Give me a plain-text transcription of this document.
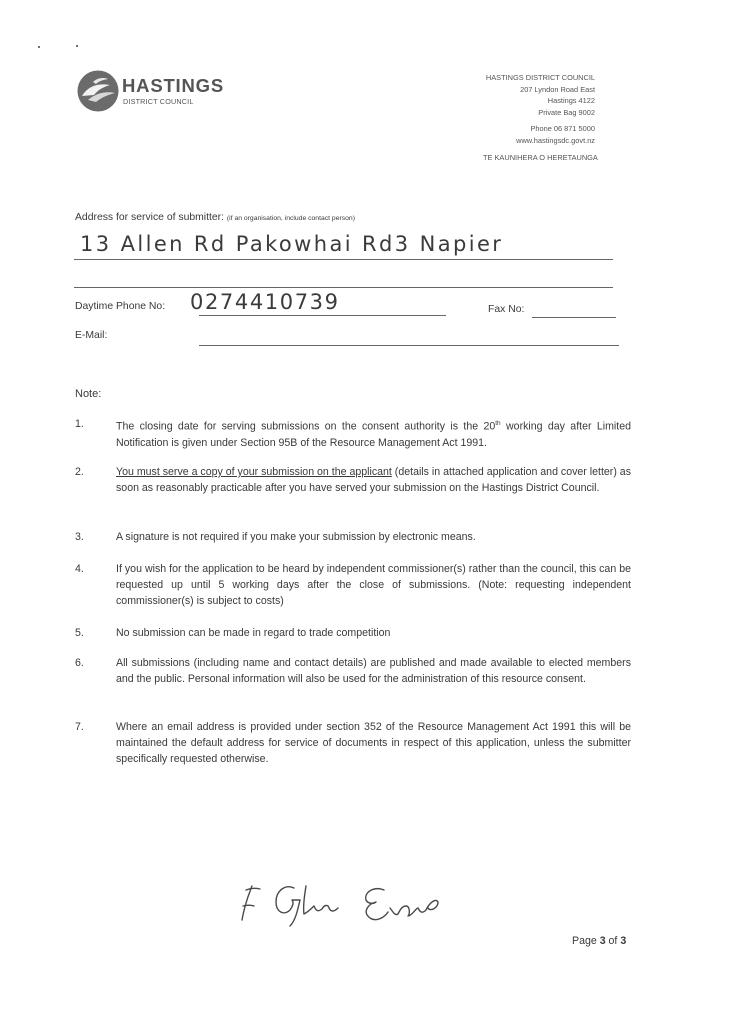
HASTINGS
DISTRICT COUNCIL
HASTINGS DISTRICT COUNCIL
207 Lyndon Road East
Hastings 4122
Private Bag 9002
Phone 06 871 5000
www.hastingsdc.govt.nz
TE KAUNIHERA O HERETAUNGA
Address for service of submitter: (if an organisation, include contact person)
13 Allen Rd Pakowhai Rd3 Napier
Daytime Phone No: 0274410739	Fax No:
E-Mail:
Note:
1.	The closing date for serving submissions on the consent authority is the 20th working day after Limited Notification is given under Section 95B of the Resource Management Act 1991.
2.	You must serve a copy of your submission on the applicant (details in attached application and cover letter) as soon as reasonably practicable after you have served your submission on the Hastings District Council.
3.	A signature is not required if you make your submission by electronic means.
4.	If you wish for the application to be heard by independent commissioner(s) rather than the council, this can be requested up until 5 working days after the close of submissions. (Note: requesting independent commissioner(s) is subject to costs)
5.	No submission can be made in regard to trade competition
6.	All submissions (including name and contact details) are published and made available to elected members and the public. Personal information will also be used for the administration of this resource consent.
7.	Where an email address is provided under section 352 of the Resource Management Act 1991 this will be maintained the default address for service of documents in respect of this application, unless the submitter specifically requested otherwise.
Page 3 of 3
